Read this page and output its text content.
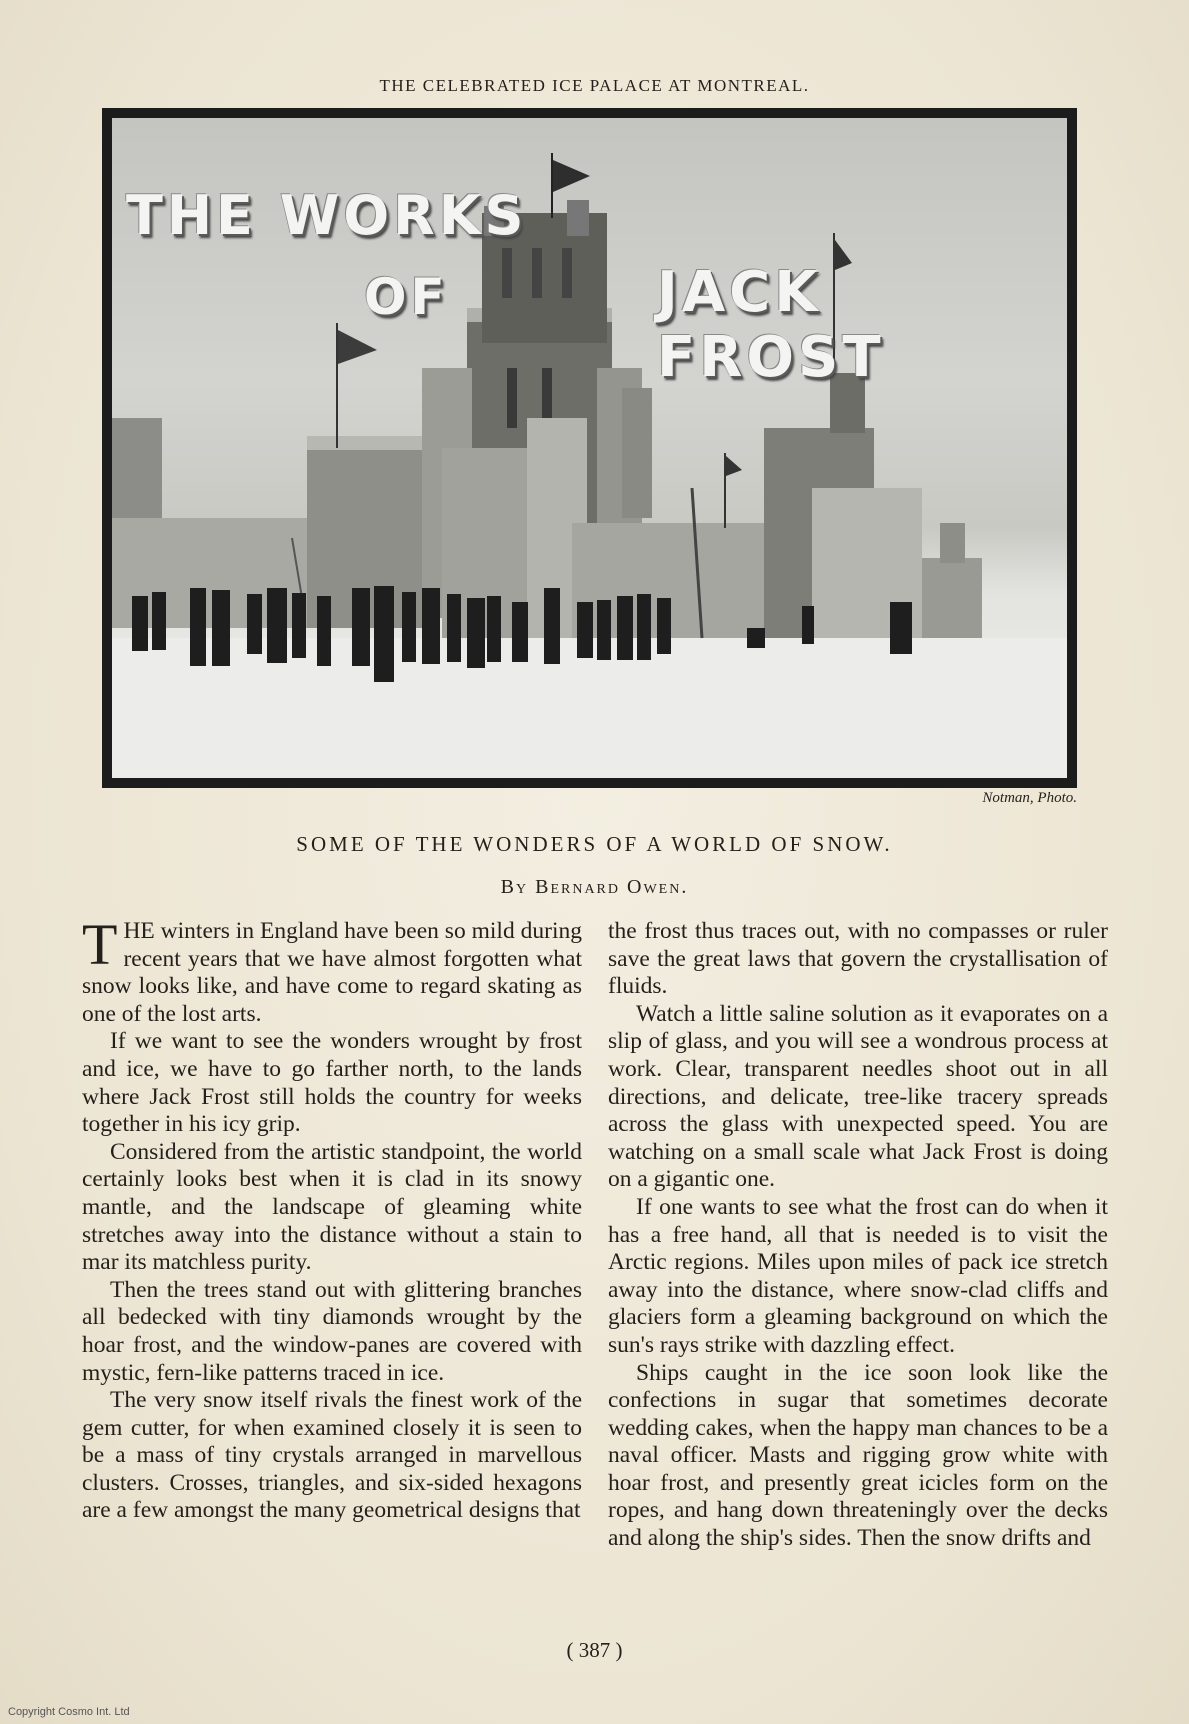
THE CELEBRATED ICE PALACE AT MONTREAL.
THE WORKS
OF	JACK FROST
Notman, Photo.
SOME OF THE WONDERS OF A WORLD OF SNOW.
By Bernard Owen.

THE winters in England have been so mild during recent years that we have almost forgotten what snow looks like, and have come to regard skating as one of the lost arts.

If we want to see the wonders wrought by frost and ice, we have to go farther north, to the lands where Jack Frost still holds the country for weeks together in his icy grip.

Considered from the artistic standpoint, the world certainly looks best when it is clad in its snowy mantle, and the landscape of gleaming white stretches away into the distance without a stain to mar its matchless purity.

Then the trees stand out with glittering branches all bedecked with tiny diamonds wrought by the hoar frost, and the window-panes are covered with mystic, fern-like patterns traced in ice.

The very snow itself rivals the finest work of the gem cutter, for when examined closely it is seen to be a mass of tiny crystals arranged in marvellous clusters. Crosses, triangles, and six-sided hexagons are a few amongst the many geometrical designs that

the frost thus traces out, with no compasses or ruler save the great laws that govern the crystallisation of fluids.

Watch a little saline solution as it evaporates on a slip of glass, and you will see a wondrous process at work. Clear, transparent needles shoot out in all directions, and delicate, tree-like tracery spreads across the glass with unexpected speed. You are watching on a small scale what Jack Frost is doing on a gigantic one.

If one wants to see what the frost can do when it has a free hand, all that is needed is to visit the Arctic regions. Miles upon miles of pack ice stretch away into the distance, where snow-clad cliffs and glaciers form a gleaming background on which the sun's rays strike with dazzling effect.

Ships caught in the ice soon look like the confections in sugar that sometimes decorate wedding cakes, when the happy man chances to be a naval officer. Masts and rigging grow white with hoar frost, and presently great icicles form on the ropes, and hang down threateningly over the decks and along the ship's sides. Then the snow drifts and

( 387 )
Copyright Cosmo Int. Ltd
